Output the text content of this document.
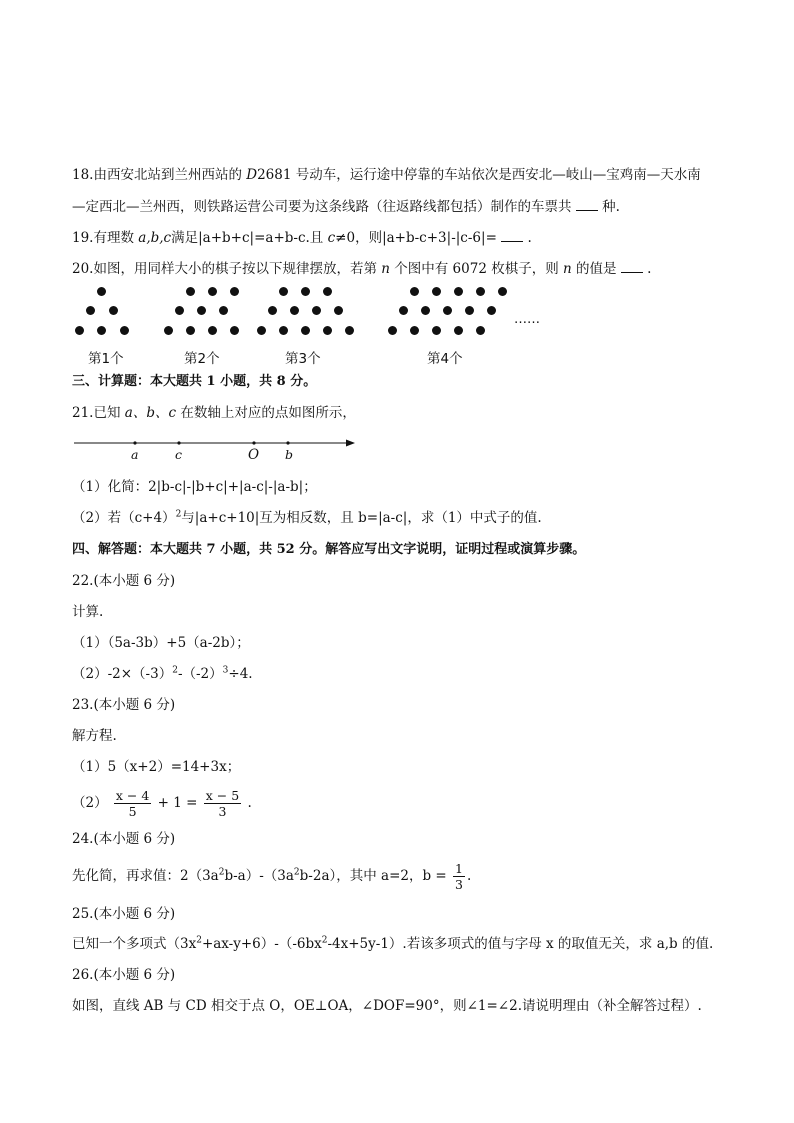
18.由西安北站到兰州西站的 D2681 号动车，运行途中停靠的车站依次是西安北—岐山—宝鸡南—天水南
—定西北—兰州西，则铁路运营公司要为这条线路（往返路线都包括）制作的车票共  种.
19.有理数 a,b,c满足|a+b+c|=a+b-c.且 c≠0，则|a+b-c+3|-|c-6|=  .
20.如图，用同样大小的棋子按以下规律摆放，若第 n 个图中有 6072 枚棋子，则 n 的值是  .
……
第1个	第2个	第3个	第4个
三、计算题：本大题共 1 小题，共 8 分。
21.已知 a、b、c 在数轴上对应的点如图所示，
a	c	O b
（1）化简：2|b-c|-|b+c|+|a-c|-|a-b|；
（2）若$(c+4)^2$与|a+c+10|互为相反数，且 b=|a-c|，求（1）中式子的值.
四、解答题：本大题共 7 小题，共 52 分。解答应写出文字说明，证明过程或演算步骤。
22.(本小题 6 分)
计算.
（1）（5a-3b）+5（a-2b）；
$(2)-2\times(-3)^2-(-2)^3\div 4$.
23.(本小题 6 分)
解方程.
（1）5（x+2）=14+3x；
$(2) \frac{x - 4}{5} + 1 = \frac{x - 5}{3}$ .
24.(本小题 6 分)
先化简，再求值：$2(3a^2b-a)-(3a^2b-2a)$，其中 a=2，$b = \frac{1}{3}$ .
25.(本小题 6 分)
已知一个多项式$(3x^2+ax-y+6)-(-6bx^2-4x+5y-1)$.若该多项式的值与字母 x 的取值无关，求 a,b 的值.
26.(本小题 6 分)
如图，直线 AB 与 CD 相交于点 O，OE⊥OA，∠DOF=90°，则∠1=∠2.请说明理由（补全解答过程）.
